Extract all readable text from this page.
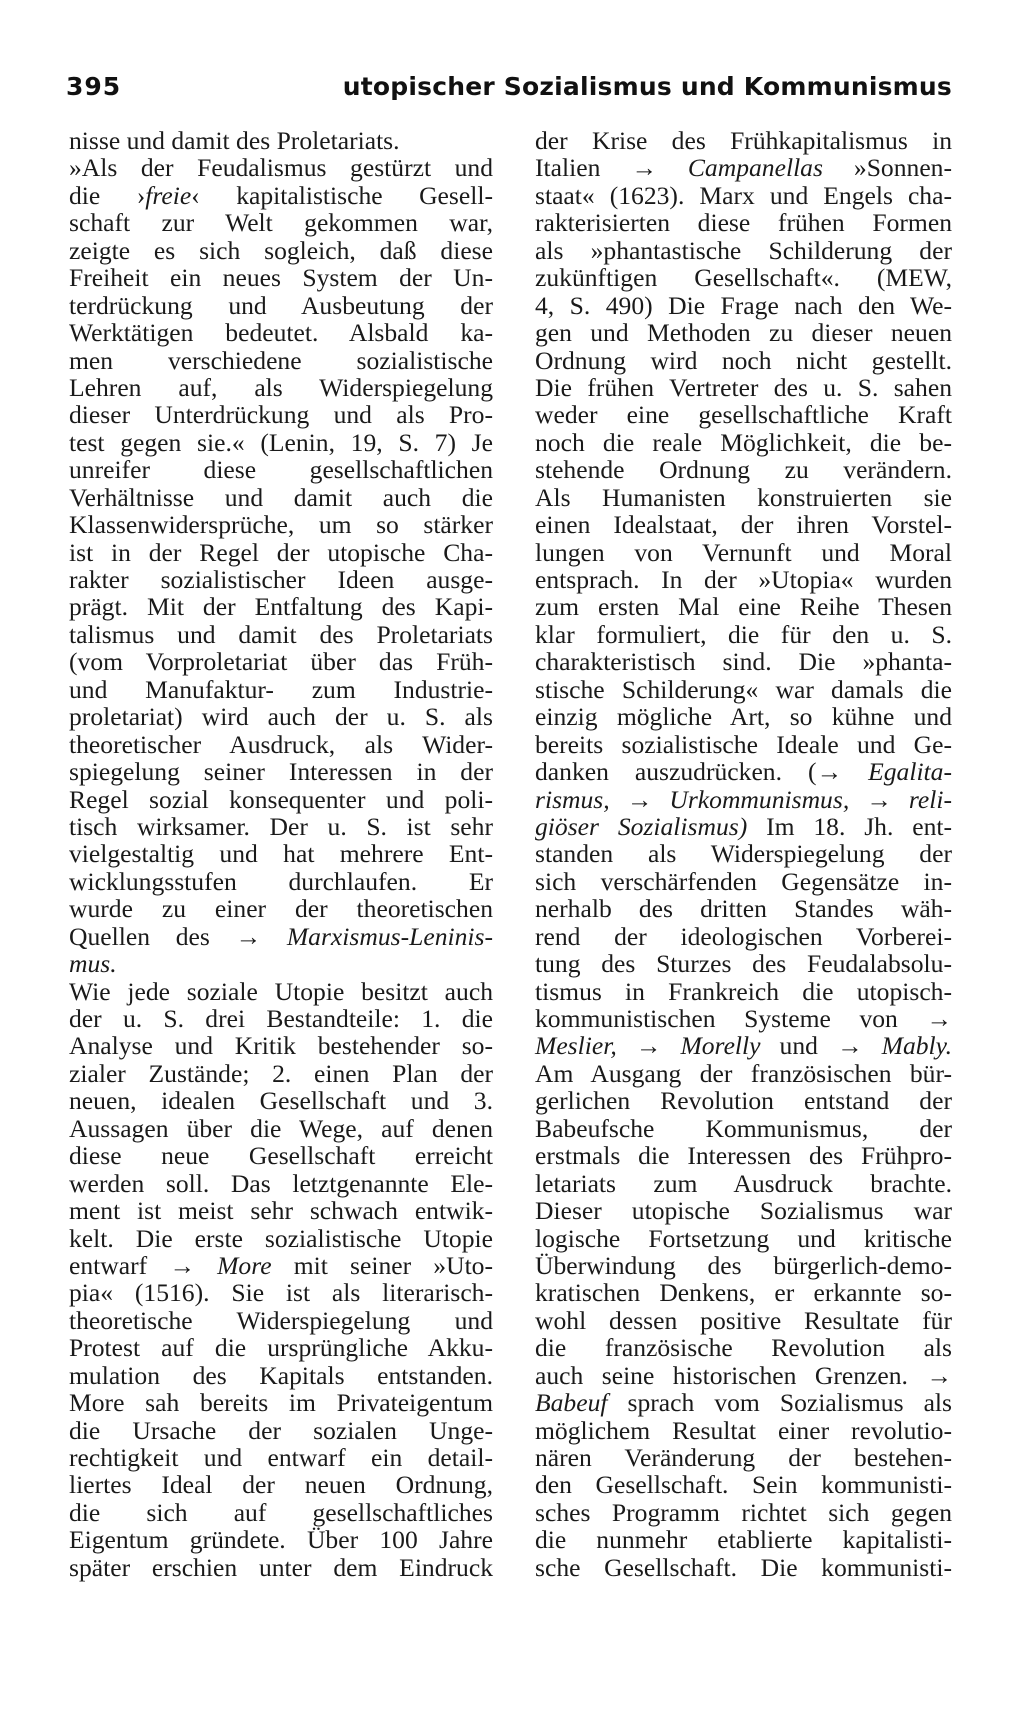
395	utopischer Sozialismus und Kommunismus
nisse und damit des Proletariats.
»Als der Feudalismus gestürzt und
die ›freie‹ kapitalistische Gesell-
schaft zur Welt gekommen war,
zeigte es sich sogleich, daß diese
Freiheit ein neues System der Un-
terdrückung und Ausbeutung der
Werktätigen bedeutet. Alsbald ka-
men verschiedene sozialistische
Lehren auf, als Widerspiegelung
dieser Unterdrückung und als Pro-
test gegen sie.« (Lenin, 19, S. 7) Je
unreifer diese gesellschaftlichen
Verhältnisse und damit auch die
Klassenwidersprüche, um so stärker
ist in der Regel der utopische Cha-
rakter sozialistischer Ideen ausge-
prägt. Mit der Entfaltung des Kapi-
talismus und damit des Proletariats
(vom Vorproletariat über das Früh-
und Manufaktur- zum Industrie-
proletariat) wird auch der u. S. als
theoretischer Ausdruck, als Wider-
spiegelung seiner Interessen in der
Regel sozial konsequenter und poli-
tisch wirksamer. Der u. S. ist sehr
vielgestaltig und hat mehrere Ent-
wicklungsstufen durchlaufen. Er
wurde zu einer der theoretischen
Quellen des → Marxismus-Leninis-
mus.
Wie jede soziale Utopie besitzt auch
der u. S. drei Bestandteile: 1. die
Analyse und Kritik bestehender so-
zialer Zustände; 2. einen Plan der
neuen, idealen Gesellschaft und 3.
Aussagen über die Wege, auf denen
diese neue Gesellschaft erreicht
werden soll. Das letztgenannte Ele-
ment ist meist sehr schwach entwik-
kelt. Die erste sozialistische Utopie
entwarf → More mit seiner »Uto-
pia« (1516). Sie ist als literarisch-
theoretische Widerspiegelung und
Protest auf die ursprüngliche Akku-
mulation des Kapitals entstanden.
More sah bereits im Privateigentum
die Ursache der sozialen Unge-
rechtigkeit und entwarf ein detail-
liertes Ideal der neuen Ordnung,
die sich auf gesellschaftliches
Eigentum gründete. Über 100 Jahre
später erschien unter dem Eindruck
der Krise des Frühkapitalismus in
Italien → Campanellas »Sonnen-
staat« (1623). Marx und Engels cha-
rakterisierten diese frühen Formen
als »phantastische Schilderung der
zukünftigen Gesellschaft«. (MEW,
4, S. 490) Die Frage nach den We-
gen und Methoden zu dieser neuen
Ordnung wird noch nicht gestellt.
Die frühen Vertreter des u. S. sahen
weder eine gesellschaftliche Kraft
noch die reale Möglichkeit, die be-
stehende Ordnung zu verändern.
Als Humanisten konstruierten sie
einen Idealstaat, der ihren Vorstel-
lungen von Vernunft und Moral
entsprach. In der »Utopia« wurden
zum ersten Mal eine Reihe Thesen
klar formuliert, die für den u. S.
charakteristisch sind. Die »phanta-
stische Schilderung« war damals die
einzig mögliche Art, so kühne und
bereits sozialistische Ideale und Ge-
danken auszudrücken. (→ Egalita-
rismus, → Urkommunismus, → reli-
giöser Sozialismus) Im 18. Jh. ent-
standen als Widerspiegelung der
sich verschärfenden Gegensätze in-
nerhalb des dritten Standes wäh-
rend der ideologischen Vorberei-
tung des Sturzes des Feudalabsolu-
tismus in Frankreich die utopisch-
kommunistischen Systeme von →
Meslier, → Morelly und → Mably.
Am Ausgang der französischen bür-
gerlichen Revolution entstand der
Babeufsche Kommunismus, der
erstmals die Interessen des Frühpro-
letariats zum Ausdruck brachte.
Dieser utopische Sozialismus war
logische Fortsetzung und kritische
Überwindung des bürgerlich-demo-
kratischen Denkens, er erkannte so-
wohl dessen positive Resultate für
die französische Revolution als
auch seine historischen Grenzen. →
Babeuf sprach vom Sozialismus als
möglichem Resultat einer revolutio-
nären Veränderung der bestehen-
den Gesellschaft. Sein kommunisti-
sches Programm richtet sich gegen
die nunmehr etablierte kapitalisti-
sche Gesellschaft. Die kommunisti-
